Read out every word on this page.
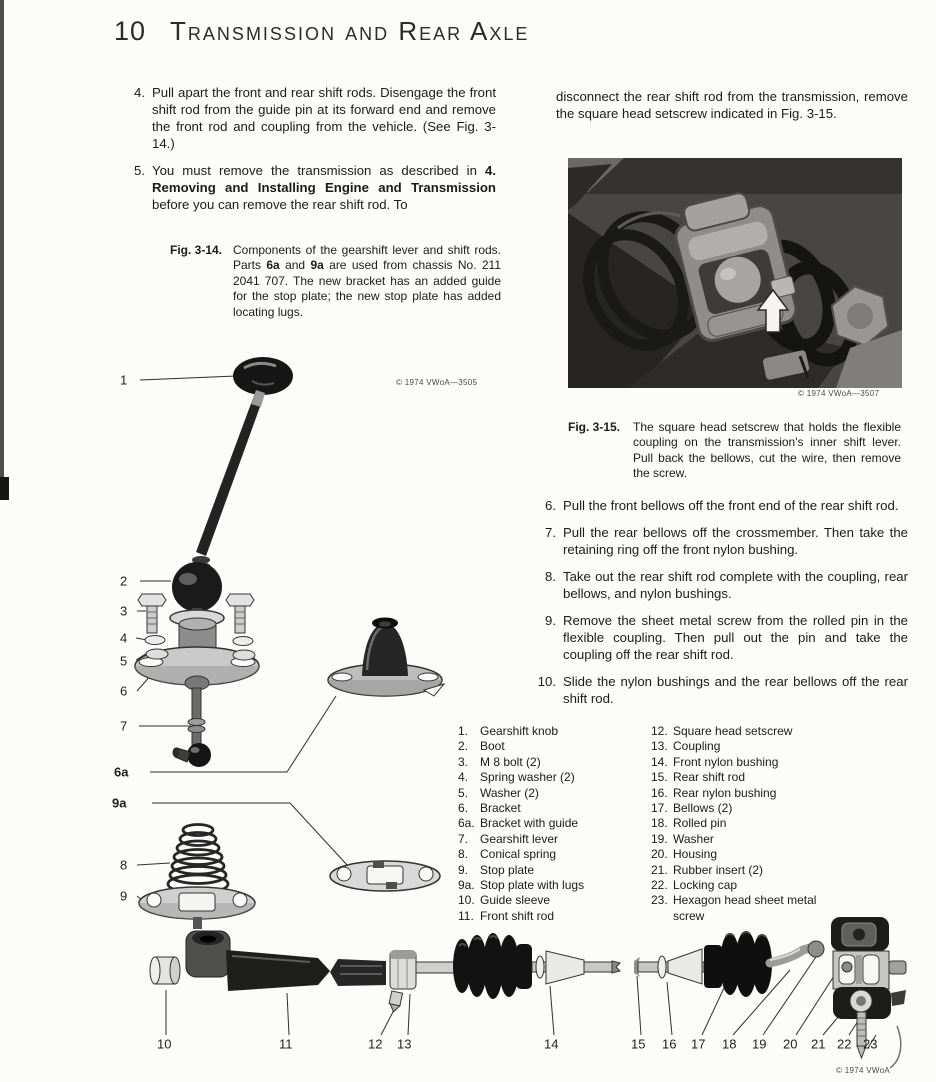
10 Transmission and Rear Axle
4. Pull apart the front and rear shift rods. Disengage the front shift rod from the guide pin at its forward end and remove the front rod and coupling from the vehicle. (See Fig. 3-14.)
5. You must remove the transmission as described in 4. Removing and Installing Engine and Transmission before you can remove the rear shift rod. To

disconnect the rear shift rod from the transmission, remove the square head setscrew indicated in Fig. 3-15.

© 1974 VWoA—3507
Fig. 3-14. Components of the gearshift lever and shift rods. Parts 6a and 9a are used from chassis No. 211 2041 707. The new bracket has an added guide for the stop plate; the new stop plate has added locating lugs.
Fig. 3-15.	The square head setscrew that holds the flexible coupling on the transmission's inner shift lever. Pull back the bellows, cut the wire, then remove the screw.
6. Pull the front bellows off the front end of the rear shift rod.
7. Pull the rear bellows off the crossmember. Then take the retaining ring off the front nylon bushing.
8. Take out the rear shift rod complete with the coupling, rear bellows, and nylon bushings.
9. Remove the sheet metal screw from the rolled pin in the flexible coupling. Then pull out the pin and take the coupling off the rear shift rod.
10. Slide the nylon bushings and the rear bellows off the rear shift rod.
1. Gearshift knob
2. Boot
3. M 8 bolt (2)
4. Spring washer (2)
5. Washer (2)
6. Bracket
6a. Bracket with guide
7. Gearshift lever
8. Conical spring
9. Stop plate
9a. Stop plate with lugs
10. Guide sleeve
11. Front shift rod
12. Square head setscrew
13. Coupling
14. Front nylon bushing
15. Rear shift rod
16. Rear nylon bushing
17. Bellows (2)
18. Rolled pin
19. Washer
20. Housing
21. Rubber insert (2)
22. Locking cap
23. Hexagon head sheet metal screw
1
2
3
4
5
6
7
6a
9a
8
9
© 1974 VWoA—3505
10	11	12 13	14	15 16 17 18 19 20 21 22 23
© 1974 VWoA
